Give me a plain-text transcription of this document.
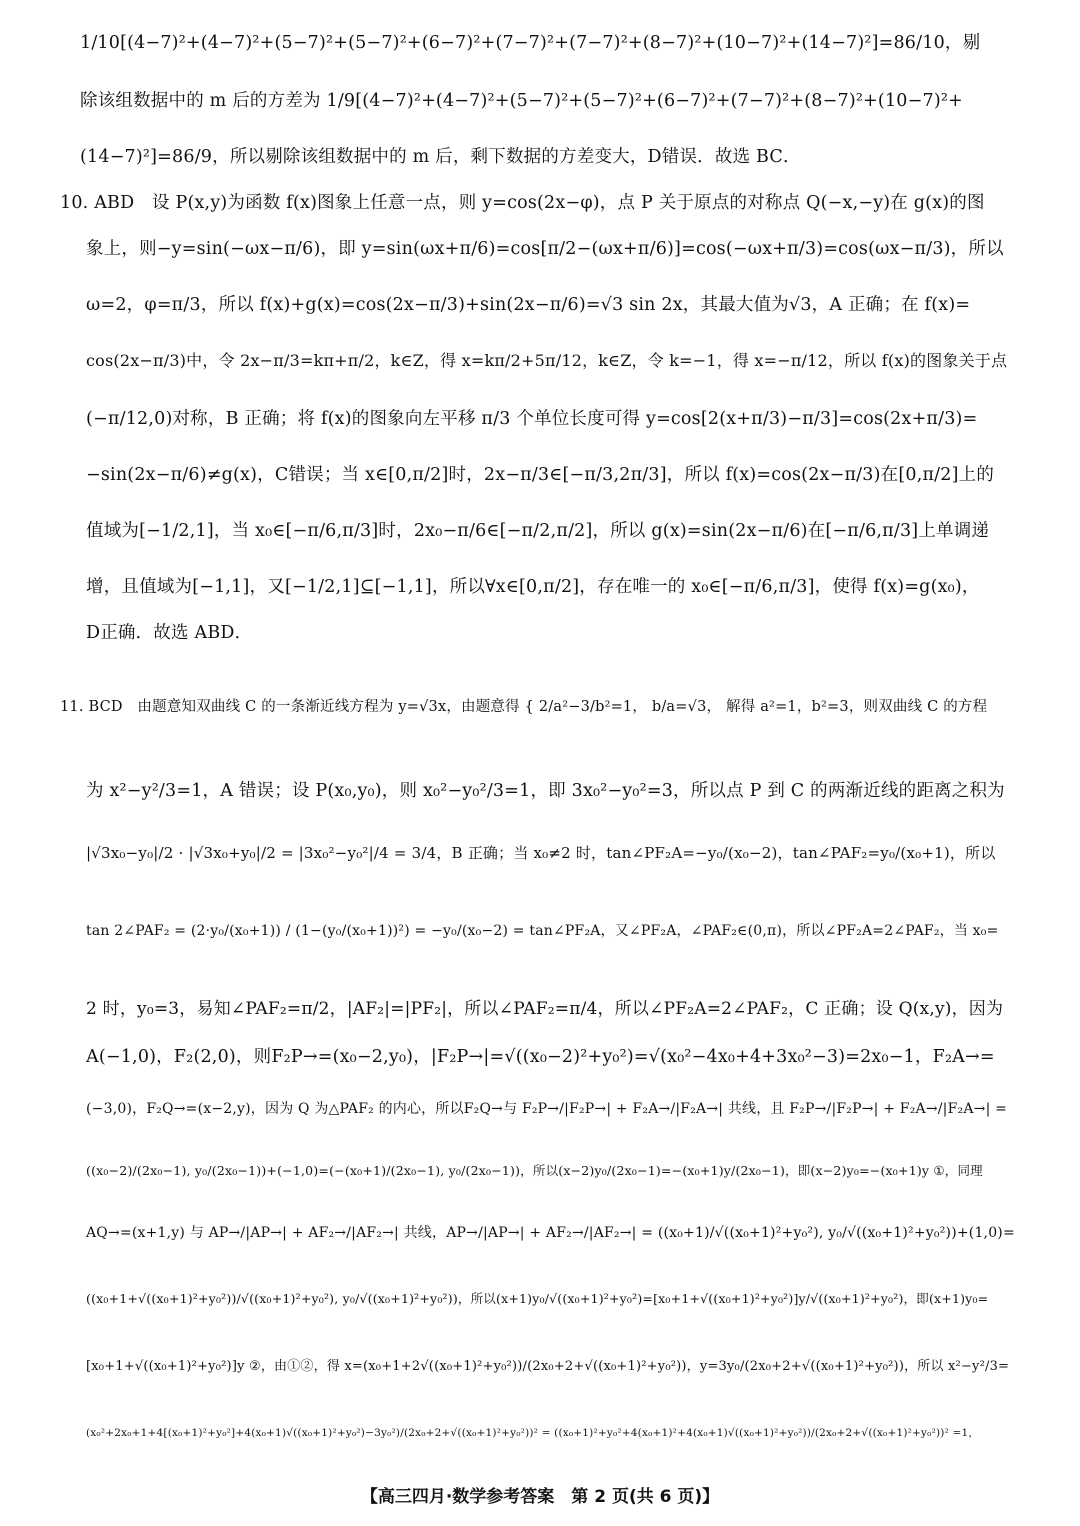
1/10[(4−7)²+(4−7)²+(5−7)²+(5−7)²+(6−7)²+(7−7)²+(7−7)²+(8−7)²+(10−7)²+(14−7)²]=86/10，剔
除该组数据中的 m 后的方差为 1/9[(4−7)²+(4−7)²+(5−7)²+(5−7)²+(6−7)²+(7−7)²+(8−7)²+(10−7)²+
(14−7)²]=86/9，所以剔除该组数据中的 m 后，剩下数据的方差变大，D错误．故选 BC．
10. ABD　设 P(x,y)为函数 f(x)图象上任意一点，则 y=cos(2x−φ)，点 P 关于原点的对称点 Q(−x,−y)在 g(x)的图
象上，则−y=sin(−ωx−π/6)，即 y=sin(ωx+π/6)=cos[π/2−(ωx+π/6)]=cos(−ωx+π/3)=cos(ωx−π/3)，所以
ω=2，φ=π/3，所以 f(x)+g(x)=cos(2x−π/3)+sin(2x−π/6)=√3 sin 2x，其最大值为√3，A 正确；在 f(x)=
cos(2x−π/3)中，令 2x−π/3=kπ+π/2，k∈Z，得 x=kπ/2+5π/12，k∈Z，令 k=−1，得 x=−π/12，所以 f(x)的图象关于点
(−π/12,0)对称，B 正确；将 f(x)的图象向左平移 π/3 个单位长度可得 y=cos[2(x+π/3)−π/3]=cos(2x+π/3)=
−sin(2x−π/6)≠g(x)，C错误；当 x∈[0,π/2]时，2x−π/3∈[−π/3,2π/3]，所以 f(x)=cos(2x−π/3)在[0,π/2]上的
值域为[−1/2,1]，当 x₀∈[−π/6,π/3]时，2x₀−π/6∈[−π/2,π/2]，所以 g(x)=sin(2x−π/6)在[−π/6,π/3]上单调递
增，且值域为[−1,1]，又[−1/2,1]⊆[−1,1]，所以∀x∈[0,π/2]，存在唯一的 x₀∈[−π/6,π/3]，使得 f(x)=g(x₀)，
D正确．故选 ABD．
11. BCD　由题意知双曲线 C 的一条渐近线方程为 y=√3x，由题意得 { 2/a²−3/b²=1， b/a=√3， 解得 a²=1，b²=3，则双曲线 C 的方程
为 x²−y²/3=1，A 错误；设 P(x₀,y₀)，则 x₀²−y₀²/3=1，即 3x₀²−y₀²=3，所以点 P 到 C 的两渐近线的距离之积为
|√3x₀−y₀|/2 · |√3x₀+y₀|/2 = |3x₀²−y₀²|/4 = 3/4，B 正确；当 x₀≠2 时，tan∠PF₂A=−y₀/(x₀−2)，tan∠PAF₂=y₀/(x₀+1)，所以
tan 2∠PAF₂ = (2·y₀/(x₀+1)) / (1−(y₀/(x₀+1))²) = −y₀/(x₀−2) = tan∠PF₂A，又∠PF₂A，∠PAF₂∈(0,π)，所以∠PF₂A=2∠PAF₂，当 x₀=
2 时，y₀=3，易知∠PAF₂=π/2，|AF₂|=|PF₂|，所以∠PAF₂=π/4，所以∠PF₂A=2∠PAF₂，C 正确；设 Q(x,y)，因为
A(−1,0)，F₂(2,0)，则F₂P→=(x₀−2,y₀)，|F₂P→|=√((x₀−2)²+y₀²)=√(x₀²−4x₀+4+3x₀²−3)=2x₀−1，F₂A→=
(−3,0)，F₂Q→=(x−2,y)，因为 Q 为△PAF₂ 的内心，所以F₂Q→与 F₂P→/|F₂P→| + F₂A→/|F₂A→| 共线，且 F₂P→/|F₂P→| + F₂A→/|F₂A→| =
((x₀−2)/(2x₀−1), y₀/(2x₀−1))+(−1,0)=(−(x₀+1)/(2x₀−1), y₀/(2x₀−1))，所以(x−2)y₀/(2x₀−1)=−(x₀+1)y/(2x₀−1)，即(x−2)y₀=−(x₀+1)y ①，同理
AQ→=(x+1,y) 与 AP→/|AP→| + AF₂→/|AF₂→| 共线，AP→/|AP→| + AF₂→/|AF₂→| = ((x₀+1)/√((x₀+1)²+y₀²), y₀/√((x₀+1)²+y₀²))+(1,0)=
((x₀+1+√((x₀+1)²+y₀²))/√((x₀+1)²+y₀²), y₀/√((x₀+1)²+y₀²))，所以(x+1)y₀/√((x₀+1)²+y₀²)=[x₀+1+√((x₀+1)²+y₀²)]y/√((x₀+1)²+y₀²)，即(x+1)y₀=
[x₀+1+√((x₀+1)²+y₀²)]y ②，由①②，得 x=(x₀+1+2√((x₀+1)²+y₀²))/(2x₀+2+√((x₀+1)²+y₀²))，y=3y₀/(2x₀+2+√((x₀+1)²+y₀²))，所以 x²−y²/3=
(x₀²+2x₀+1+4[(x₀+1)²+y₀²]+4(x₀+1)√((x₀+1)²+y₀²)−3y₀²)/(2x₀+2+√((x₀+1)²+y₀²))² = ((x₀+1)²+y₀²+4(x₀+1)²+4(x₀+1)√((x₀+1)²+y₀²))/(2x₀+2+√((x₀+1)²+y₀²))² =1，
【高三四月·数学参考答案　第 2 页(共 6 页)】
